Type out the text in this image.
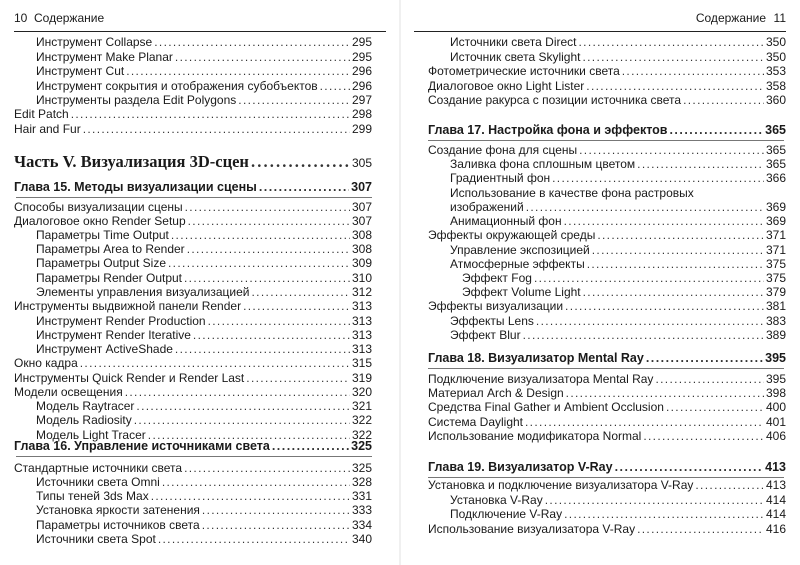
10 Содержание
Инструмент Collapse . . .	295
Инструмент Make Planar . . .	295
Инструмент Cut . . .	296
Инструмент сокрытия и отображения субобъектов . . .	296
Инструменты раздела Edit Polygons . . .	297
Edit Patch . . .	298
Hair and Fur . . .	299
Часть V. Визуализация 3D-сцен . . .	305
Глава 15. Методы визуализации сцены . . .	307
Способы визуализации сцены . . .	307
Диалоговое окно Render Setup . . .	307
Параметры Time Output . . .	308
Параметры Area to Render . . .	308
Параметры Output Size . . .	309
Параметры Render Output . . .	310
Элементы управления визуализацией . . .	312
Инструменты выдвижной панели Render . . .	313
Инструмент Render Production . . .	313
Инструмент Render Iterative . . .	313
Инструмент ActiveShade . . .	313
Окно кадра . . .	315
Инструменты Quick Render и Render Last . . .	319
Модели освещения . . .	320
Модель Raytracer . . .	321
Модель Radiosity . . .	322
Модель Light Tracer . . .	322
Глава 16. Управление источниками света . . .	325
Стандартные источники света . . .	325
Источники света Omni . . .	328
Типы теней 3ds Max . . .	331
Установка яркости затенения . . .	333
Параметры источников света . . .	334
Источники света Spot . . .	340
Содержание 11
Источники света Direct . . .	350
Источник света Skylight . . .	350
Фотометрические источники света . . .	353
Диалоговое окно Light Lister . . .	358
Создание ракурса с позиции источника света . . .	360
Глава 17. Настройка фона и эффектов . . .	365
Создание фона для сцены . . .	365
Заливка фона сплошным цветом . . .	365
Градиентный фон . . .	366
Использование в качестве фона растровых
изображений . . .	369
Анимационный фон . . .	369
Эффекты окружающей среды . . .	371
Управление экспозицией . . .	371
Атмосферные эффекты . . .	375
Эффект Fog . . .	375
Эффект Volume Light . . .	379
Эффекты визуализации . . .	381
Эффекты Lens . . .	383
Эффект Blur . . .	389
Глава 18. Визуализатор Mental Ray . . .	395
Подключение визуализатора Mental Ray . . .	395
Материал Arch & Design . . .	398
Средства Final Gather и Ambient Occlusion . . .	400
Система Daylight . . .	401
Использование модификатора Normal . . .	406
Глава 19. Визуализатор V-Ray . . .	413
Установка и подключение визуализатора V-Ray . . .	413
Установка V-Ray . . .	414
Подключение V-Ray . . .	414
Использование визуализатора V-Ray . . .	416
